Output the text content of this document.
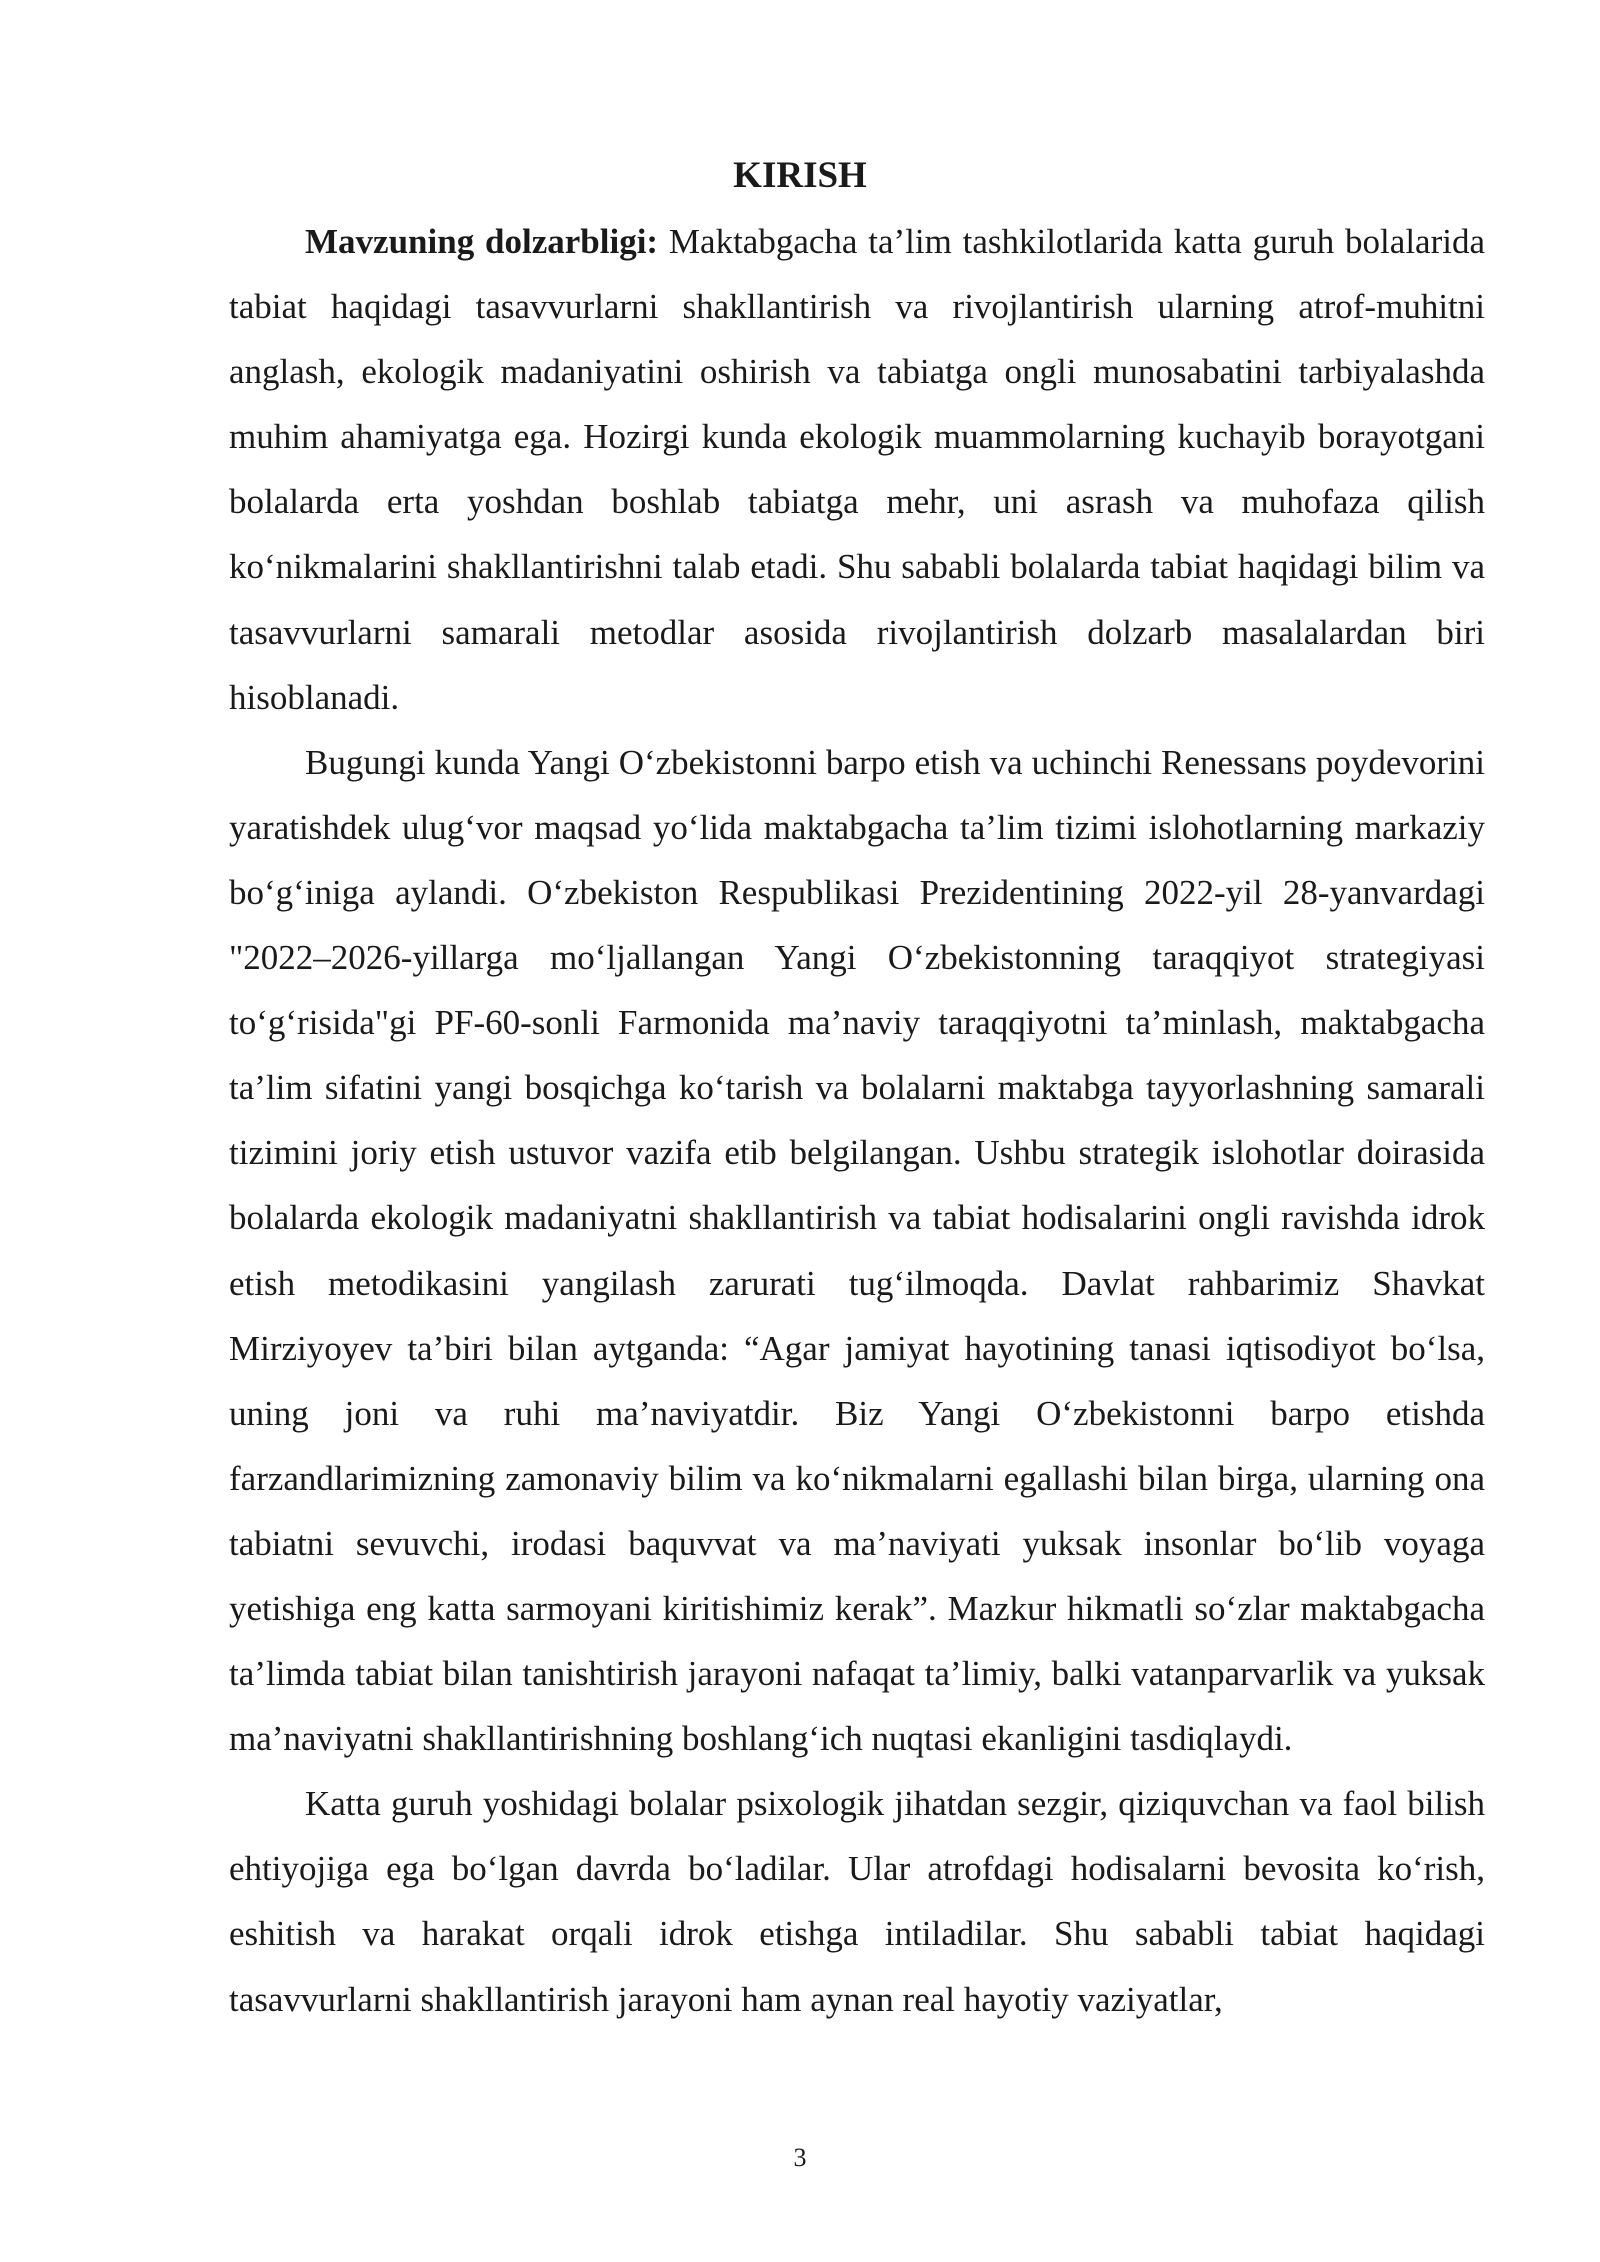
KIRISH

Mavzuning dolzarbligi: Maktabgacha ta’lim tashkilotlarida katta guruh bolalarida tabiat haqidagi tasavvurlarni shakllantirish va rivojlantirish ularning atrof-muhitni anglash, ekologik madaniyatini oshirish va tabiatga ongli munosabatini tarbiyalashda muhim ahamiyatga ega. Hozirgi kunda ekologik muammolarning kuchayib borayotgani bolalarda erta yoshdan boshlab tabiatga mehr, uni asrash va muhofaza qilish ko‘nikmalarini shakllantirishni talab etadi. Shu sababli bolalarda tabiat haqidagi bilim va tasavvurlarni samarali metodlar asosida rivojlantirish dolzarb masalalardan biri hisoblanadi.

Bugungi kunda Yangi O‘zbekistonni barpo etish va uchinchi Renessans poydevorini yaratishdek ulug‘vor maqsad yo‘lida maktabgacha ta’lim tizimi islohotlarning markaziy bo‘g‘iniga aylandi. O‘zbekiston Respublikasi Prezidentining 2022-yil 28-yanvardagi "2022–2026-yillarga mo‘ljallangan Yangi O‘zbekistonning taraqqiyot strategiyasi to‘g‘risida"gi PF-60-sonli Farmonida ma’naviy taraqqiyotni ta’minlash, maktabgacha ta’lim sifatini yangi bosqichga ko‘tarish va bolalarni maktabga tayyorlashning samarali tizimini joriy etish ustuvor vazifa etib belgilangan. Ushbu strategik islohotlar doirasida bolalarda ekologik madaniyatni shakllantirish va tabiat hodisalarini ongli ravishda idrok etish metodikasini yangilash zarurati tug‘ilmoqda. Davlat rahbarimiz Shavkat Mirziyoyev ta’biri bilan aytganda: “Agar jamiyat hayotining tanasi iqtisodiyot bo‘lsa, uning joni va ruhi ma’naviyatdir. Biz Yangi O‘zbekistonni barpo etishda farzandlarimizning zamonaviy bilim va ko‘nikmalarni egallashi bilan birga, ularning ona tabiatni sevuvchi, irodasi baquvvat va ma’naviyati yuksak insonlar bo‘lib voyaga yetishiga eng katta sarmoyani kiritishimiz kerak”. Mazkur hikmatli so‘zlar maktabgacha ta’limda tabiat bilan tanishtirish jarayoni nafaqat ta’limiy, balki vatanparvarlik va yuksak ma’naviyatni shakllantirishning boshlang‘ich nuqtasi ekanligini tasdiqlaydi.

Katta guruh yoshidagi bolalar psixologik jihatdan sezgir, qiziquvchan va faol bilish ehtiyojiga ega bo‘lgan davrda bo‘ladilar. Ular atrofdagi hodisalarni bevosita ko‘rish, eshitish va harakat orqali idrok etishga intiladilar. Shu sababli tabiat haqidagi tasavvurlarni shakllantirish jarayoni ham aynan real hayotiy vaziyatlar,

3
